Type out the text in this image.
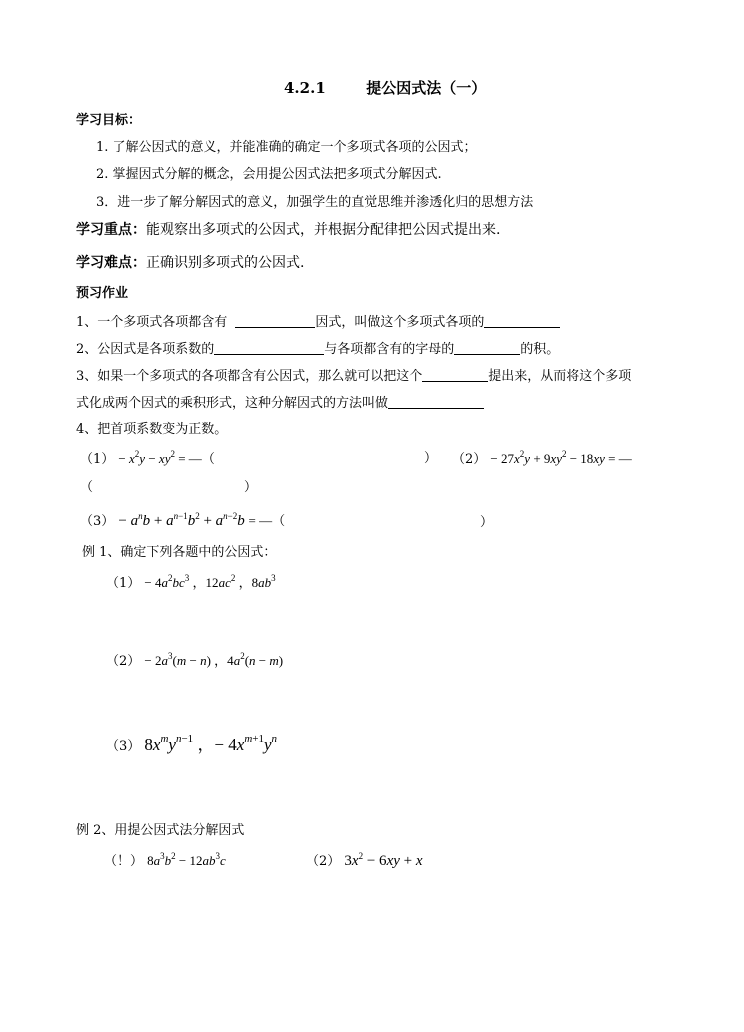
4.2.1	提公因式法（一）
学习目标：
1. 了解公因式的意义，并能准确的确定一个多项式各项的公因式；
2. 掌握因式分解的概念，会用提公因式法把多项式分解因式.
3．进一步了解分解因式的意义，加强学生的直觉思维并渗透化归的思想方法
学习重点：能观察出多项式的公因式，并根据分配律把公因式提出来.
学习难点：正确识别多项式的公因式.
预习作业
1、一个多项式各项都含有	因式，叫做这个多项式各项的
2、公因式是各项系数的	与各项都含有的字母的	的积。
3、如果一个多项式的各项都含有公因式，那么就可以把这个	提出来，从而将这个多项
式化成两个因式的乘积形式，这种分解因式的方法叫做
4、把首项系数变为正数。
$(1) - x^2y - xy^2$ = —（	） $(2) - 27x^2y + 9xy^2 - 18xy$ = —
（	）
$(3) - a^nb + a^{n-1}b^2 + a^{n-2}b$ = —（	）
例 1、确定下列各题中的公因式：
$(1) - 4a^2bc^3$ ，$12ac^2$ ，$8ab^3$
$(2) - 2a^3(m - n)$ ，$4a^2(n - m)$
（3） $8x^my^{n-1}$ ，− $4x^{m+1}y^n$
例 2、用提公因式法分解因式
（！） $8a^3b^2 - 12ab^3c$	（2） $3x^2 - 6xy + x$
